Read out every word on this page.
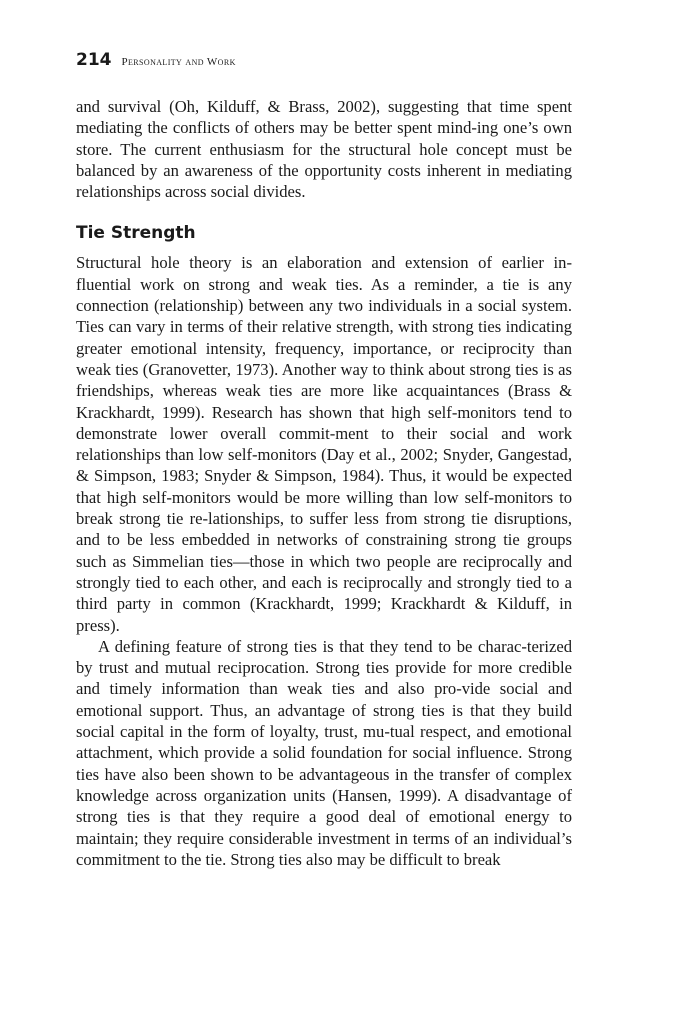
214 Personality and Work

and survival (Oh, Kilduff, & Brass, 2002), suggesting that time spent mediating the conflicts of others may be better spent mind-ing one’s own store. The current enthusiasm for the structural hole concept must be balanced by an awareness of the opportunity costs inherent in mediating relationships across social divides.

Tie Strength

Structural hole theory is an elaboration and extension of earlier in-fluential work on strong and weak ties. As a reminder, a tie is any connection (relationship) between any two individuals in a social system. Ties can vary in terms of their relative strength, with strong ties indicating greater emotional intensity, frequency, importance, or reciprocity than weak ties (Granovetter, 1973). Another way to think about strong ties is as friendships, whereas weak ties are more like acquaintances (Brass & Krackhardt, 1999). Research has shown that high self-monitors tend to demonstrate lower overall commit-ment to their social and work relationships than low self-monitors (Day et al., 2002; Snyder, Gangestad, & Simpson, 1983; Snyder & Simpson, 1984). Thus, it would be expected that high self-monitors would be more willing than low self-monitors to break strong tie re-lationships, to suffer less from strong tie disruptions, and to be less embedded in networks of constraining strong tie groups such as Simmelian ties—those in which two people are reciprocally and strongly tied to each other, and each is reciprocally and strongly tied to a third party in common (Krackhardt, 1999; Krackhardt & Kilduff, in press).

A defining feature of strong ties is that they tend to be charac-terized by trust and mutual reciprocation. Strong ties provide for more credible and timely information than weak ties and also pro-vide social and emotional support. Thus, an advantage of strong ties is that they build social capital in the form of loyalty, trust, mu-tual respect, and emotional attachment, which provide a solid foundation for social influence. Strong ties have also been shown to be advantageous in the transfer of complex knowledge across organization units (Hansen, 1999). A disadvantage of strong ties is that they require a good deal of emotional energy to maintain; they require considerable investment in terms of an individual’s commitment to the tie. Strong ties also may be difficult to break
